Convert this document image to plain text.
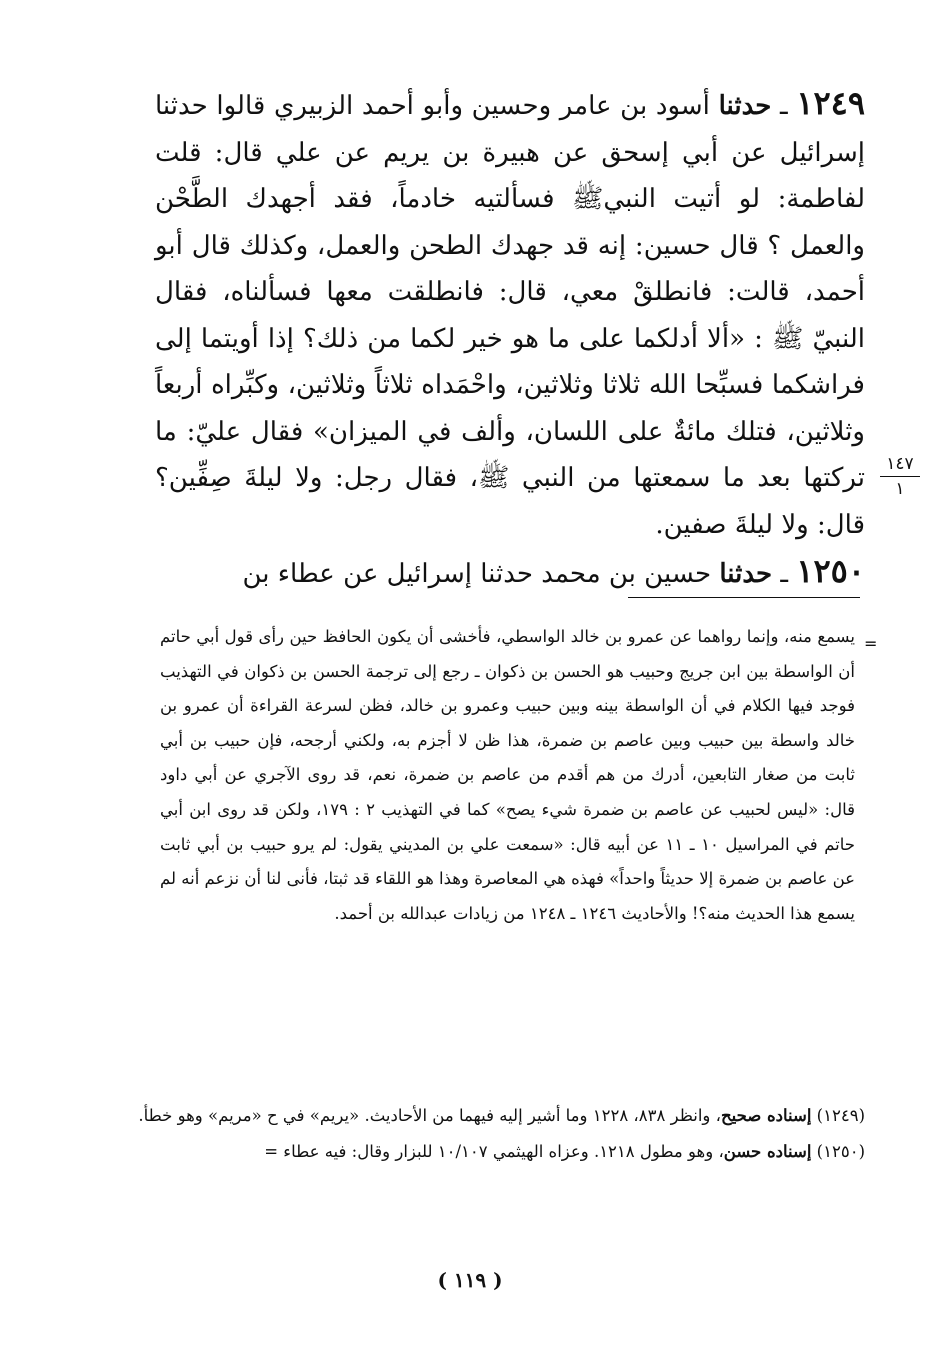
١٢٤٩ ـ حدثنا أسود بن عامر وحسين وأبو أحمد الزبيري قالوا حدثنا إسرائيل عن أبي إسحق عن هبيرة بن يريم عن علي قال: قلت لفاطمة: لو أتيت النبيﷺ فسألتيه خادماً، فقد أجهدك الطَّحْن والعمل ؟ قال حسين: إنه قد جهدك الطحن والعمل، وكذلك قال أبو أحمد، قالت: فانطلقْ معي، قال: فانطلقت معها فسألناه، فقال النبيّ ﷺ : «ألا أدلكما على ما هو خير لكما من ذلك؟ إذا أويتما إلى فراشكما فسبِّحا الله ثلاثا وثلاثين، واحْمَداه ثلاثاً وثلاثين، وكبِّراه أربعاً وثلاثين، فتلك مائةٌ على اللسان، وألف في الميزان» فقال عليّ: ما تركتها بعد ما سمعتها من النبي ﷺ، فقال رجل: ولا ليلةَ صِفِّين؟ قال: ولا ليلةَ صفين.

١٢٥٠ ـ حدثنا حسين بن محمد حدثنا إسرائيل عن عطاء بن

١٤٧
١
=

يسمع منه، وإنما رواهما عن عمرو بن خالد الواسطي، فأخشى أن يكون الحافظ حين رأى قول أبي حاتم أن الواسطة بين ابن جريج وحبيب هو الحسن بن ذكوان ـ رجع إلى ترجمة الحسن بن ذكوان في التهذيب فوجد فيها الكلام في أن الواسطة بينه وبين حبيب وعمرو بن خالد، فظن لسرعة القراءة أن عمرو بن خالد واسطة بين حبيب وبين عاصم بن ضمرة، هذا ظن لا أجزم به، ولكني أرجحه، فإن حبيب بن أبي ثابت من صغار التابعين، أدرك من هم أقدم من عاصم بن ضمرة، نعم، قد روى الآجري عن أبي داود قال: «ليس لحبيب عن عاصم بن ضمرة شيء يصح» كما في التهذيب ٢ : ١٧٩، ولكن قد روى ابن أبي حاتم في المراسيل ١٠ ـ ١١ عن أبيه قال: «سمعت علي بن المديني يقول: لم يرو حبيب بن أبي ثابت عن عاصم بن ضمرة إلا حديثاً واحداً» فهذه هي المعاصرة وهذا هو اللقاء قد ثبتا، فأنى لنا أن نزعم أنه لم يسمع هذا الحديث منه؟! والأحاديث ١٢٤٦ ـ ١٢٤٨ من زيادات عبدالله بن أحمد.

(١٢٤٩) إسناده صحيح، وانظر ٨٣٨، ١٢٢٨ وما أشير إليه فيهما من الأحاديث. «يريم» في ح «مريم» وهو خطأ.

(١٢٥٠) إسناده حسن، وهو مطول ١٢١٨. وعزاه الهيثمي ١٠/١٠٧ للبزار وقال: فيه عطاء =

( ١١٩ )
